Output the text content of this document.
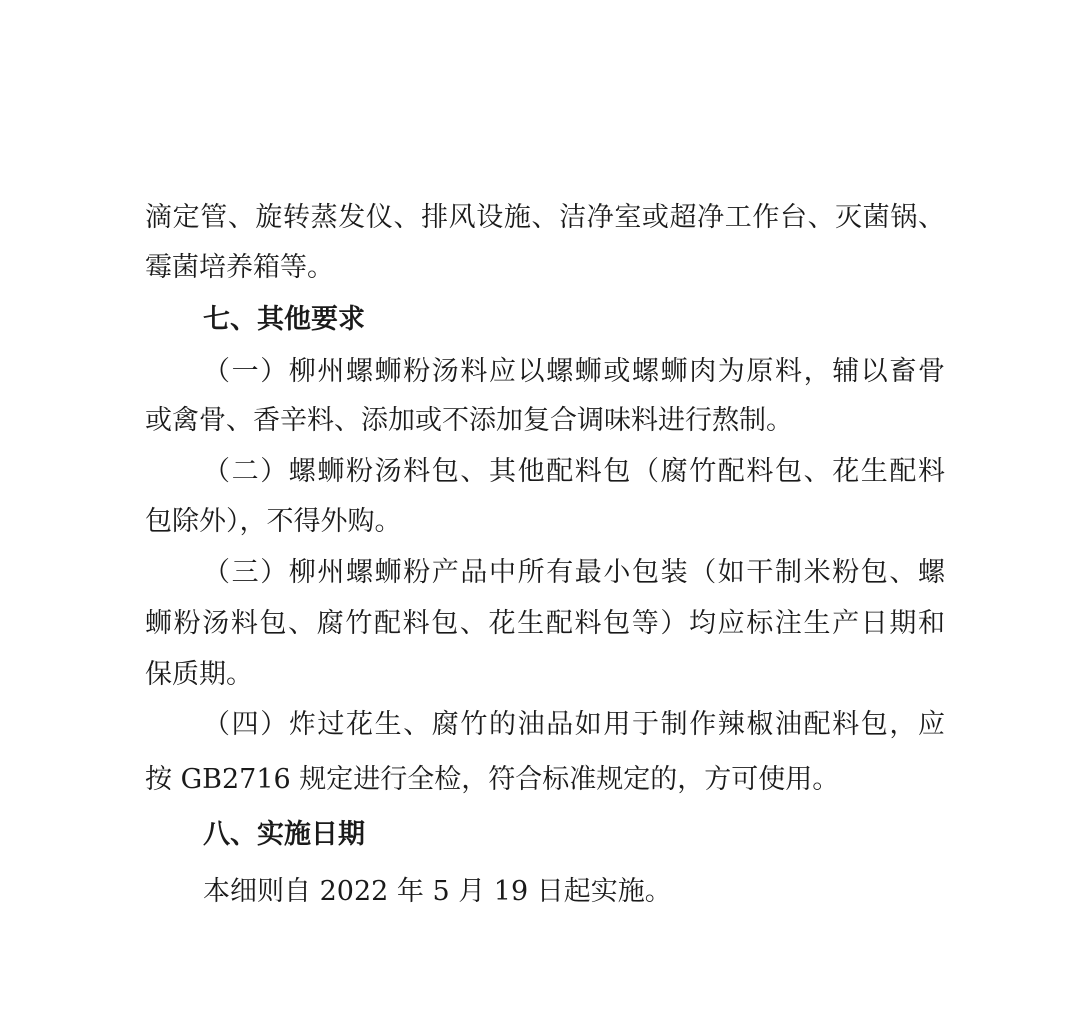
滴定管、旋转蒸发仪、排风设施、洁净室或超净工作台、灭菌锅、
霉菌培养箱等。
七、其他要求
（一）柳州螺蛳粉汤料应以螺蛳或螺蛳肉为原料，辅以畜骨
或禽骨、香辛料、添加或不添加复合调味料进行熬制。
（二）螺蛳粉汤料包、其他配料包（腐竹配料包、花生配料
包除外），不得外购。
（三）柳州螺蛳粉产品中所有最小包装（如干制米粉包、螺
蛳粉汤料包、腐竹配料包、花生配料包等）均应标注生产日期和
保质期。
（四）炸过花生、腐竹的油品如用于制作辣椒油配料包，应
按 GB2716 规定进行全检，符合标准规定的，方可使用。
八、实施日期
本细则自 2022 年 5 月 19 日起实施。
